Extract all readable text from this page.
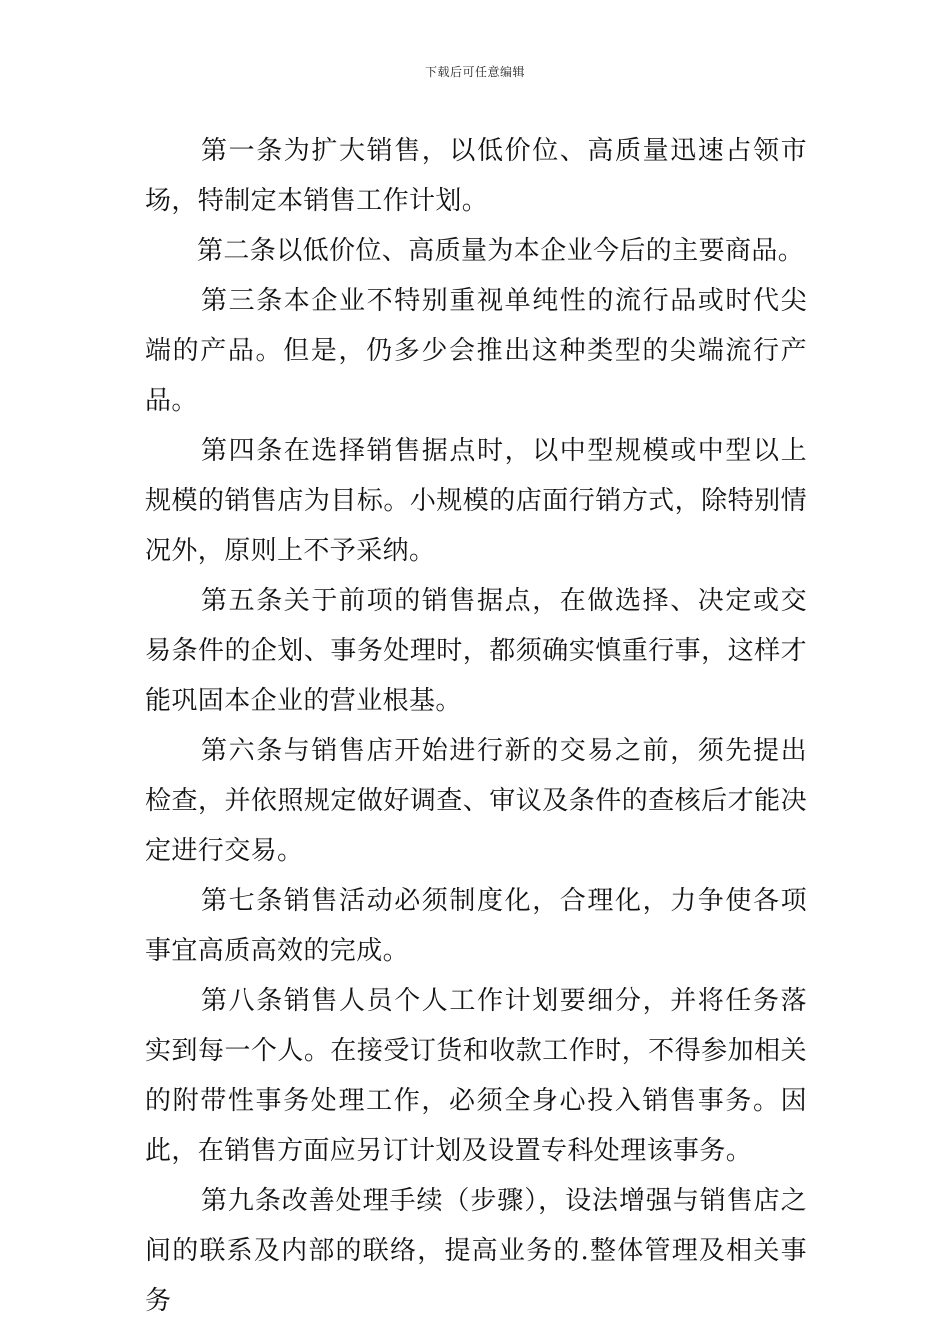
下载后可任意编辑

第一条为扩大销售，以低价位、高质量迅速占领市场，特制定本销售工作计划。

第二条以低价位、高质量为本企业今后的主要商品。

第三条本企业不特别重视单纯性的流行品或时代尖端的产品。但是，仍多少会推出这种类型的尖端流行产品。

第四条在选择销售据点时，以中型规模或中型以上规模的销售店为目标。小规模的店面行销方式，除特别情况外，原则上不予采纳。

第五条关于前项的销售据点，在做选择、决定或交易条件的企划、事务处理时，都须确实慎重行事，这样才能巩固本企业的营业根基。

第六条与销售店开始进行新的交易之前，须先提出检查，并依照规定做好调查、审议及条件的查核后才能决定进行交易。

第七条销售活动必须制度化，合理化，力争使各项事宜高质高效的完成。

第八条销售人员个人工作计划要细分，并将任务落实到每一个人。在接受订货和收款工作时，不得参加相关的附带性事务处理工作，必须全身心投入销售事务。因此，在销售方面应另订计划及设置专科处理该事务。

第九条改善处理手续（步骤），设法增强与销售店之间的联系及内部的联络，提高业务的.整体管理及相关事务
